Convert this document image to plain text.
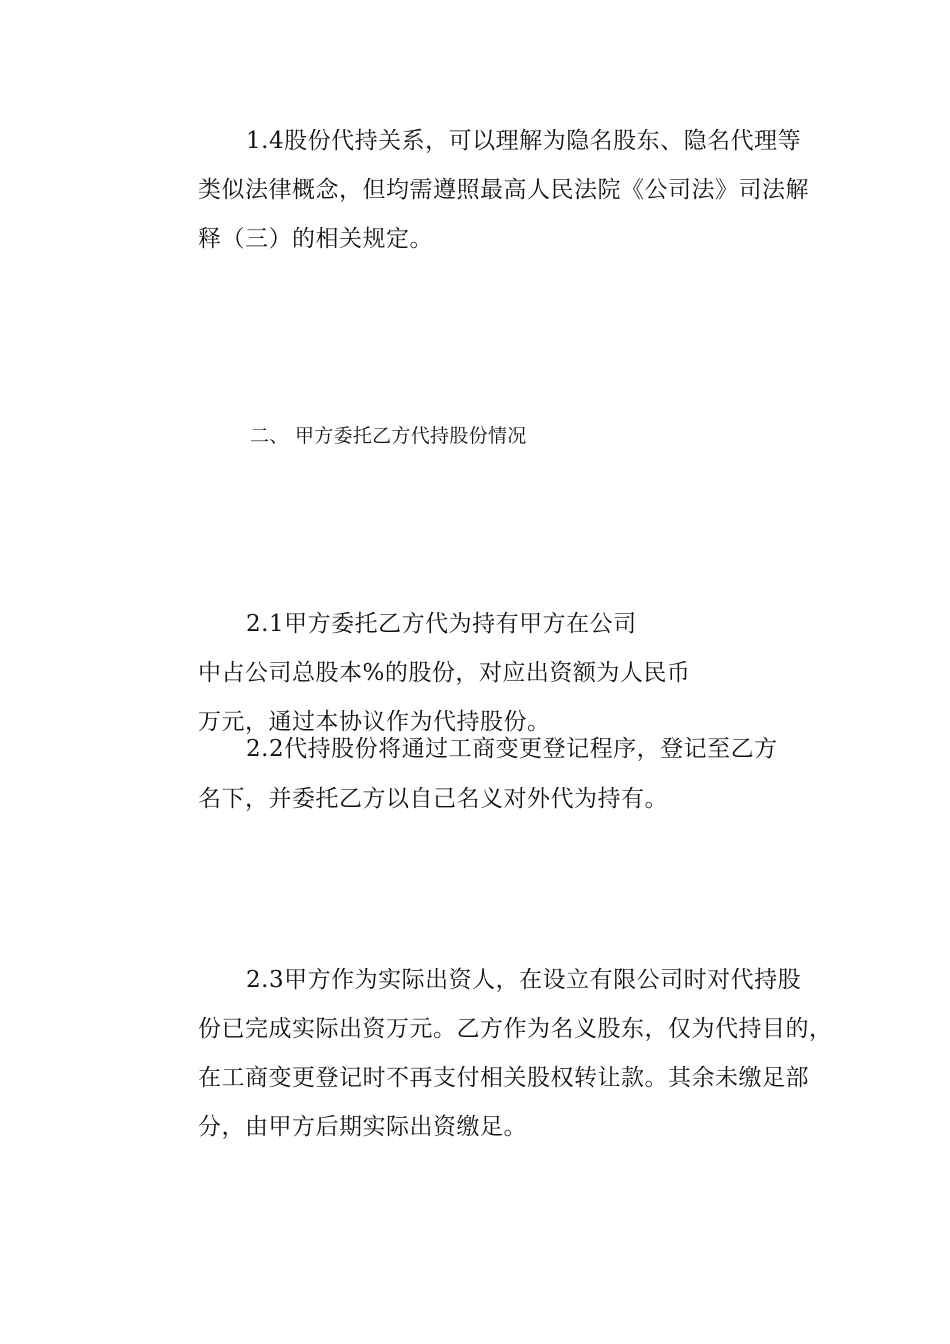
1.4股份代持关系，可以理解为隐名股东、隐名代理等
类似法律概念，但均需遵照最高人民法院《公司法》司法解
释（三）的相关规定。
二、 甲方委托乙方代持股份情况
2.1甲方委托乙方代为持有甲方在公司
中占公司总股本%的股份，对应出资额为人民币
万元，通过本协议作为代持股份。
2.2代持股份将通过工商变更登记程序，登记至乙方
名下，并委托乙方以自己名义对外代为持有。
2.3甲方作为实际出资人，在设立有限公司时对代持股
份已完成实际出资万元。乙方作为名义股东，仅为代持目的，
在工商变更登记时不再支付相关股权转让款。其余未缴足部
分，由甲方后期实际出资缴足。
